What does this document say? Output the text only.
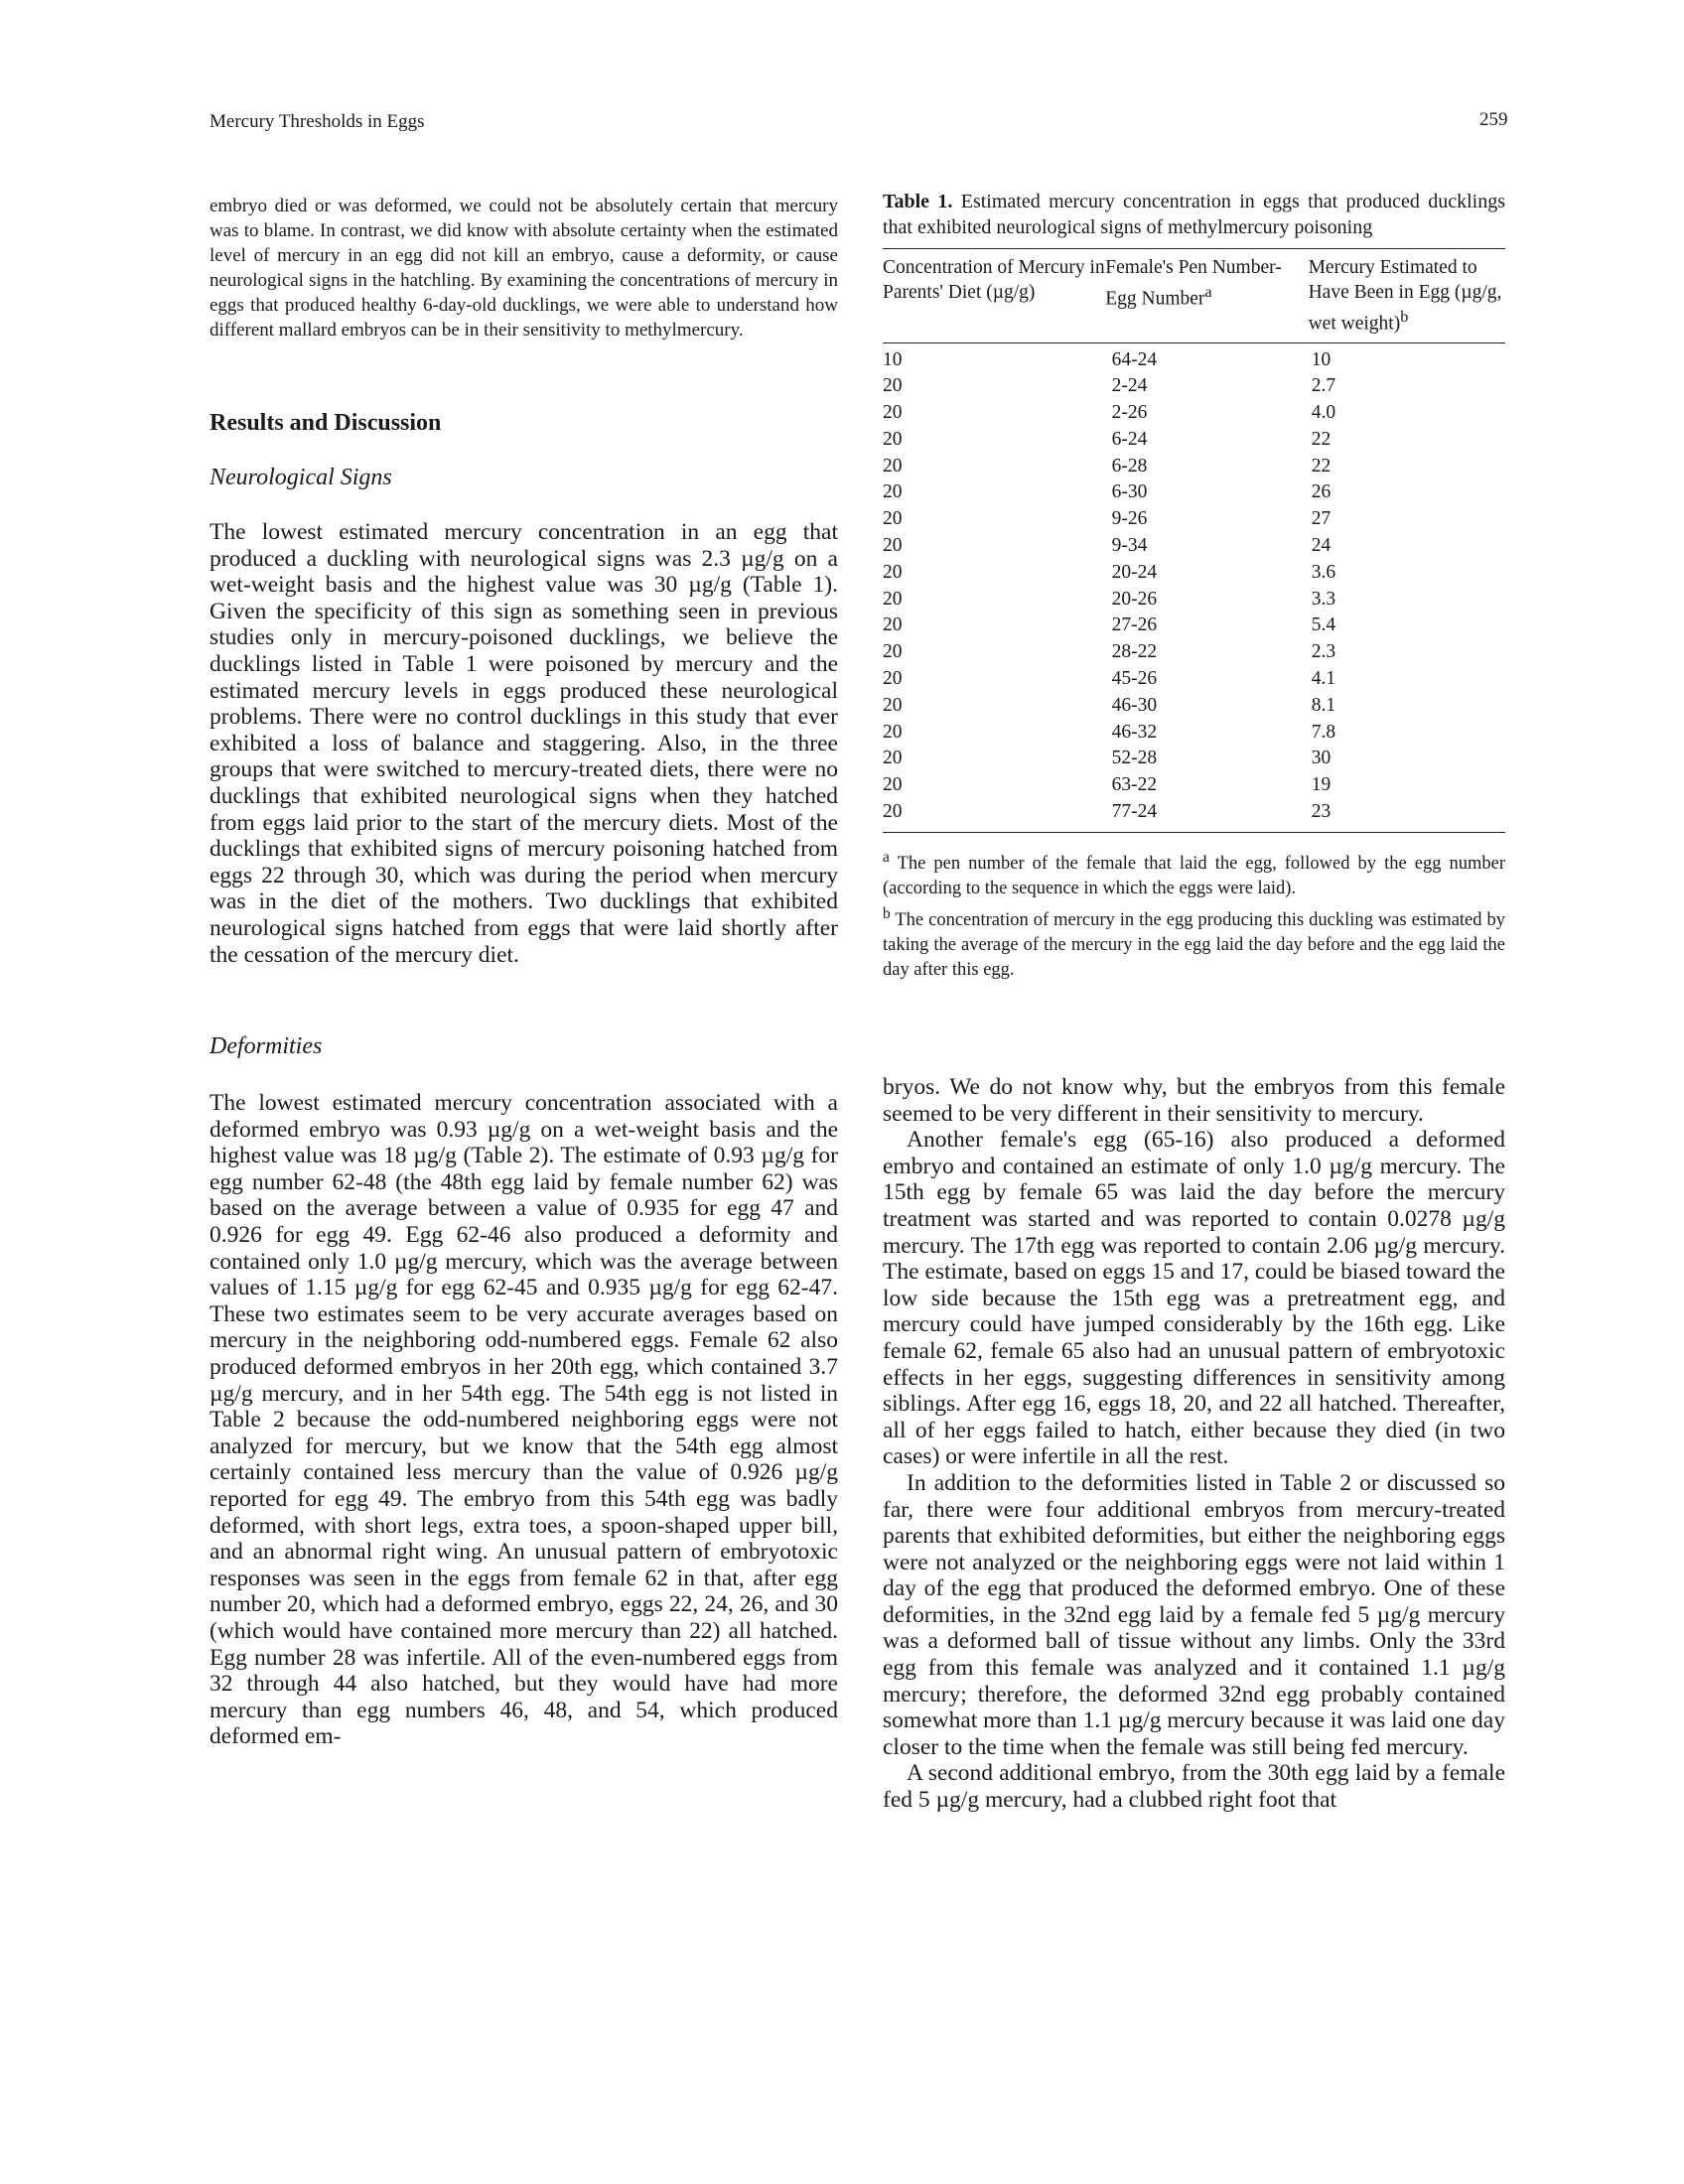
Mercury Thresholds in Eggs	259

embryo died or was deformed, we could not be absolutely certain that mercury was to blame. In contrast, we did know with absolute certainty when the estimated level of mercury in an egg did not kill an embryo, cause a deformity, or cause neurological signs in the hatchling. By examining the concentrations of mercury in eggs that produced healthy 6-day-old ducklings, we were able to understand how different mallard embryos can be in their sensitivity to methylmercury.

Results and Discussion
Neurological Signs

The lowest estimated mercury concentration in an egg that produced a duckling with neurological signs was 2.3 µg/g on a wet-weight basis and the highest value was 30 µg/g (Table 1). Given the specificity of this sign as something seen in previous studies only in mercury-poisoned ducklings, we believe the ducklings listed in Table 1 were poisoned by mercury and the estimated mercury levels in eggs produced these neurological problems. There were no control ducklings in this study that ever exhibited a loss of balance and staggering. Also, in the three groups that were switched to mercury-treated diets, there were no ducklings that exhibited neurological signs when they hatched from eggs laid prior to the start of the mercury diets. Most of the ducklings that exhibited signs of mercury poisoning hatched from eggs 22 through 30, which was during the period when mercury was in the diet of the mothers. Two ducklings that exhibited neurological signs hatched from eggs that were laid shortly after the cessation of the mercury diet.

Deformities

The lowest estimated mercury concentration associated with a deformed embryo was 0.93 µg/g on a wet-weight basis and the highest value was 18 µg/g (Table 2). The estimate of 0.93 µg/g for egg number 62-48 (the 48th egg laid by female number 62) was based on the average between a value of 0.935 for egg 47 and 0.926 for egg 49. Egg 62-46 also produced a deformity and contained only 1.0 µg/g mercury, which was the average between values of 1.15 µg/g for egg 62-45 and 0.935 µg/g for egg 62-47. These two estimates seem to be very accurate averages based on mercury in the neighboring odd-numbered eggs. Female 62 also produced deformed embryos in her 20th egg, which contained 3.7 µg/g mercury, and in her 54th egg. The 54th egg is not listed in Table 2 because the odd-numbered neighboring eggs were not analyzed for mercury, but we know that the 54th egg almost certainly contained less mercury than the value of 0.926 µg/g reported for egg 49. The embryo from this 54th egg was badly deformed, with short legs, extra toes, a spoon-shaped upper bill, and an abnormal right wing. An unusual pattern of embryotoxic responses was seen in the eggs from female 62 in that, after egg number 20, which had a deformed embryo, eggs 22, 24, 26, and 30 (which would have contained more mercury than 22) all hatched. Egg number 28 was infertile. All of the even-numbered eggs from 32 through 44 also hatched, but they would have had more mercury than egg numbers 46, 48, and 54, which produced deformed em-

Table 1. Estimated mercury concentration in eggs that produced ducklings that exhibited neurological signs of methylmercury poisoning

Concentration of Mercury in Parents' Diet (µg/g)
Female's Pen Number-Egg Number$^a$
Mercury Estimated to Have Been in Egg (µg/g, wet weight)$^b$
10	64-24	10
20	2-24	2.7
20	2-26	4.0
20	6-24	22
20	6-28	22
20	6-30	26
20	9-26	27
20	9-34	24
20	20-24	3.6
20	20-26	3.3
20	27-26	5.4
20	28-22	2.3
20	45-26	4.1
20	46-30	8.1
20	46-32	7.8
20	52-28	30
20	63-22	19
20	77-24	23

$^a$ The pen number of the female that laid the egg, followed by the egg number (according to the sequence in which the eggs were laid).

$^b$ The concentration of mercury in the egg producing this duckling was estimated by taking the average of the mercury in the egg laid the day before and the egg laid the day after this egg.

bryos. We do not know why, but the embryos from this female seemed to be very different in their sensitivity to mercury.

Another female's egg (65-16) also produced a deformed embryo and contained an estimate of only 1.0 µg/g mercury. The 15th egg by female 65 was laid the day before the mercury treatment was started and was reported to contain 0.0278 µg/g mercury. The 17th egg was reported to contain 2.06 µg/g mercury. The estimate, based on eggs 15 and 17, could be biased toward the low side because the 15th egg was a pretreatment egg, and mercury could have jumped considerably by the 16th egg. Like female 62, female 65 also had an unusual pattern of embryotoxic effects in her eggs, suggesting differences in sensitivity among siblings. After egg 16, eggs 18, 20, and 22 all hatched. Thereafter, all of her eggs failed to hatch, either because they died (in two cases) or were infertile in all the rest.

In addition to the deformities listed in Table 2 or discussed so far, there were four additional embryos from mercury-treated parents that exhibited deformities, but either the neighboring eggs were not analyzed or the neighboring eggs were not laid within 1 day of the egg that produced the deformed embryo. One of these deformities, in the 32nd egg laid by a female fed 5 µg/g mercury was a deformed ball of tissue without any limbs. Only the 33rd egg from this female was analyzed and it contained 1.1 µg/g mercury; therefore, the deformed 32nd egg probably contained somewhat more than 1.1 µg/g mercury because it was laid one day closer to the time when the female was still being fed mercury.

A second additional embryo, from the 30th egg laid by a female fed 5 µg/g mercury, had a clubbed right foot that
